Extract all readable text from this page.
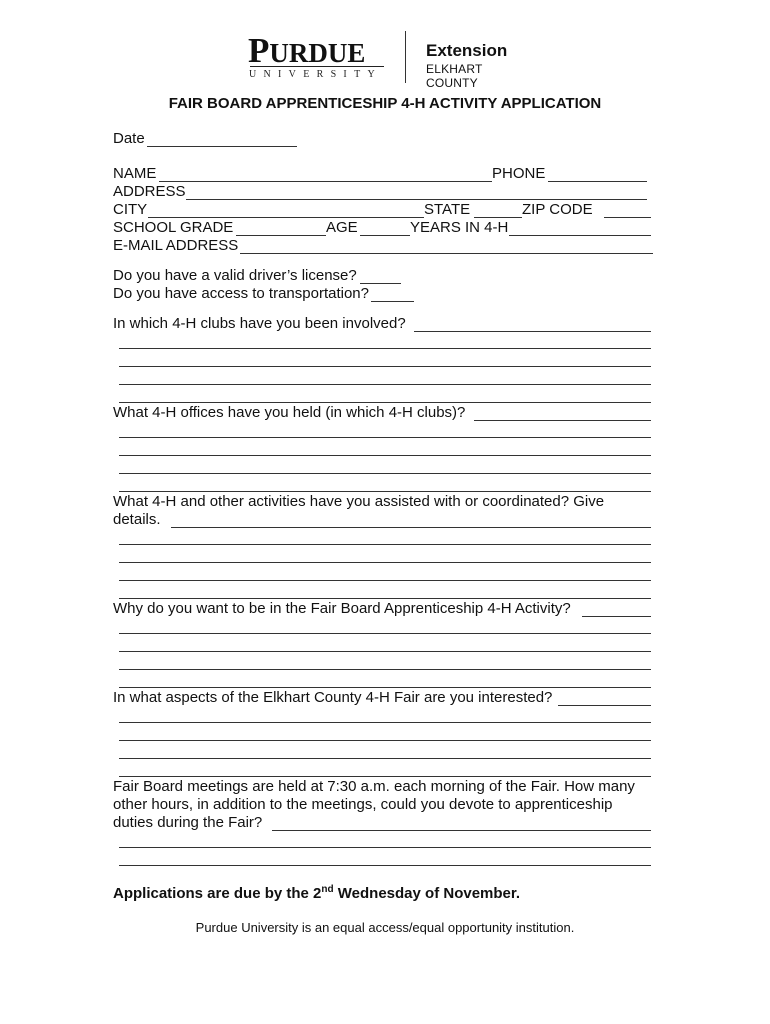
PURDUE
UNIVERSITY
Extension
ELKHART COUNTY
FAIR BOARD APPRENTICESHIP 4-H ACTIVITY APPLICATION
Date
NAME	PHONE
ADDRESS
CITY	STATE	ZIP CODE
SCHOOL GRADE	AGE	YEARS IN 4-H
E-MAIL ADDRESS
Do you have a valid driver’s license?
Do you have access to transportation?
In which 4-H clubs have you been involved?
What 4-H offices have you held (in which 4-H clubs)?
What 4-H and other activities have you assisted with or coordinated? Give
details.
Why do you want to be in the Fair Board Apprenticeship 4-H Activity?
In what aspects of the Elkhart County 4-H Fair are you interested?
Fair Board meetings are held at 7:30 a.m. each morning of the Fair. How many
other hours, in addition to the meetings, could you devote to apprenticeship
duties during the Fair?
Applications are due by the 2nd Wednesday of November.
Purdue University is an equal access/equal opportunity institution.
